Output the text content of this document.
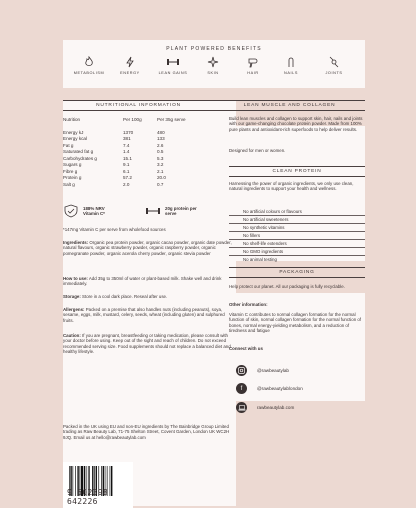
PLANT POWERED BENEFITS
METABOLISM	ENERGY	LEAN GAINS	SKIN	HAIR	NAILS	JOINTS
NUTRITIONAL INFORMATION	LEAN MUSCLE AND COLLAGEN
Nutrition	Per 100g	Per 35g serve

Energy kJ	1370	480
Energy kcal	381	133
Fat g	7.4	2.6
Saturated fat g	1.4	0.5
Carbohydrates g	15.1	5.3
Sugars g	9.1	3.2
Fibre g	6.1	2.1
Protein g	57.2	20.0
Salt g	2.0	0.7
188% NRV
Vitamin C*
20g protein per
serve
*147mg Vitamin C per serve from wholefood sources
Ingredients: Organic pea protein powder, organic cacao powder, organic date powder, natural flavours, organic strawberry powder, organic raspberry powder, organic pomegranate powder, organic acerola cherry powder, organic stevia powder
How to use: Add 35g to 350ml of water or plant-based milk. Shake well and drink immediately.
Storage: Store in a cool dark place. Reseal after use.
Allergens: Packed on a premise that also handles nuts (including peanuts), soya, sesame, eggs, milk, mustard, celery, seeds, wheat (including gluten) and sulphured fruits.
Caution: If you are pregnant, breastfeeding or taking medication, please consult with your doctor before using. Keep out of the sight and reach of children. Do not exceed recommended serving size. Food supplements should not replace a balanced diet and healthy lifestyle.
Packed in the UK using EU and non-EU ingredients by The Bainbridge Group Limited trading as Raw Beauty Lab, 71-75 Shelton Street, Covent Garden, London UK WC2H 9JQ. Email us at hello@rawbeautylab.com
Build lean muscles and collagen to support skin, hair, nails and joints with our game-changing chocolate protein powder. Made from 100% pure plants and antioxidant-rich superfoods to help deliver results.
Designed for men or women.
CLEAN PROTEIN
Harnessing the power of organic ingredients, we only use clean, natural ingredients to support your health and wellness.
No artificial colours or flavours
No artificial sweeteners
No synthetic vitamins
No fillers
No shelf-life extenders
No GMO ingredients
No animal testing
PACKAGING
Help protect our planet. All our packaging is fully recyclable.
Other information:
Vitamin C contributes to normal collagen formation for the normal function of skin, normal collagen formation for the normal function of bones, normal energy-yielding metabolism, and a reduction of tiredness and fatigue
Connect with us
@rawbeautylab
f	@rawbeautylablondon
rawbeautylab.com
9 502398 642226
